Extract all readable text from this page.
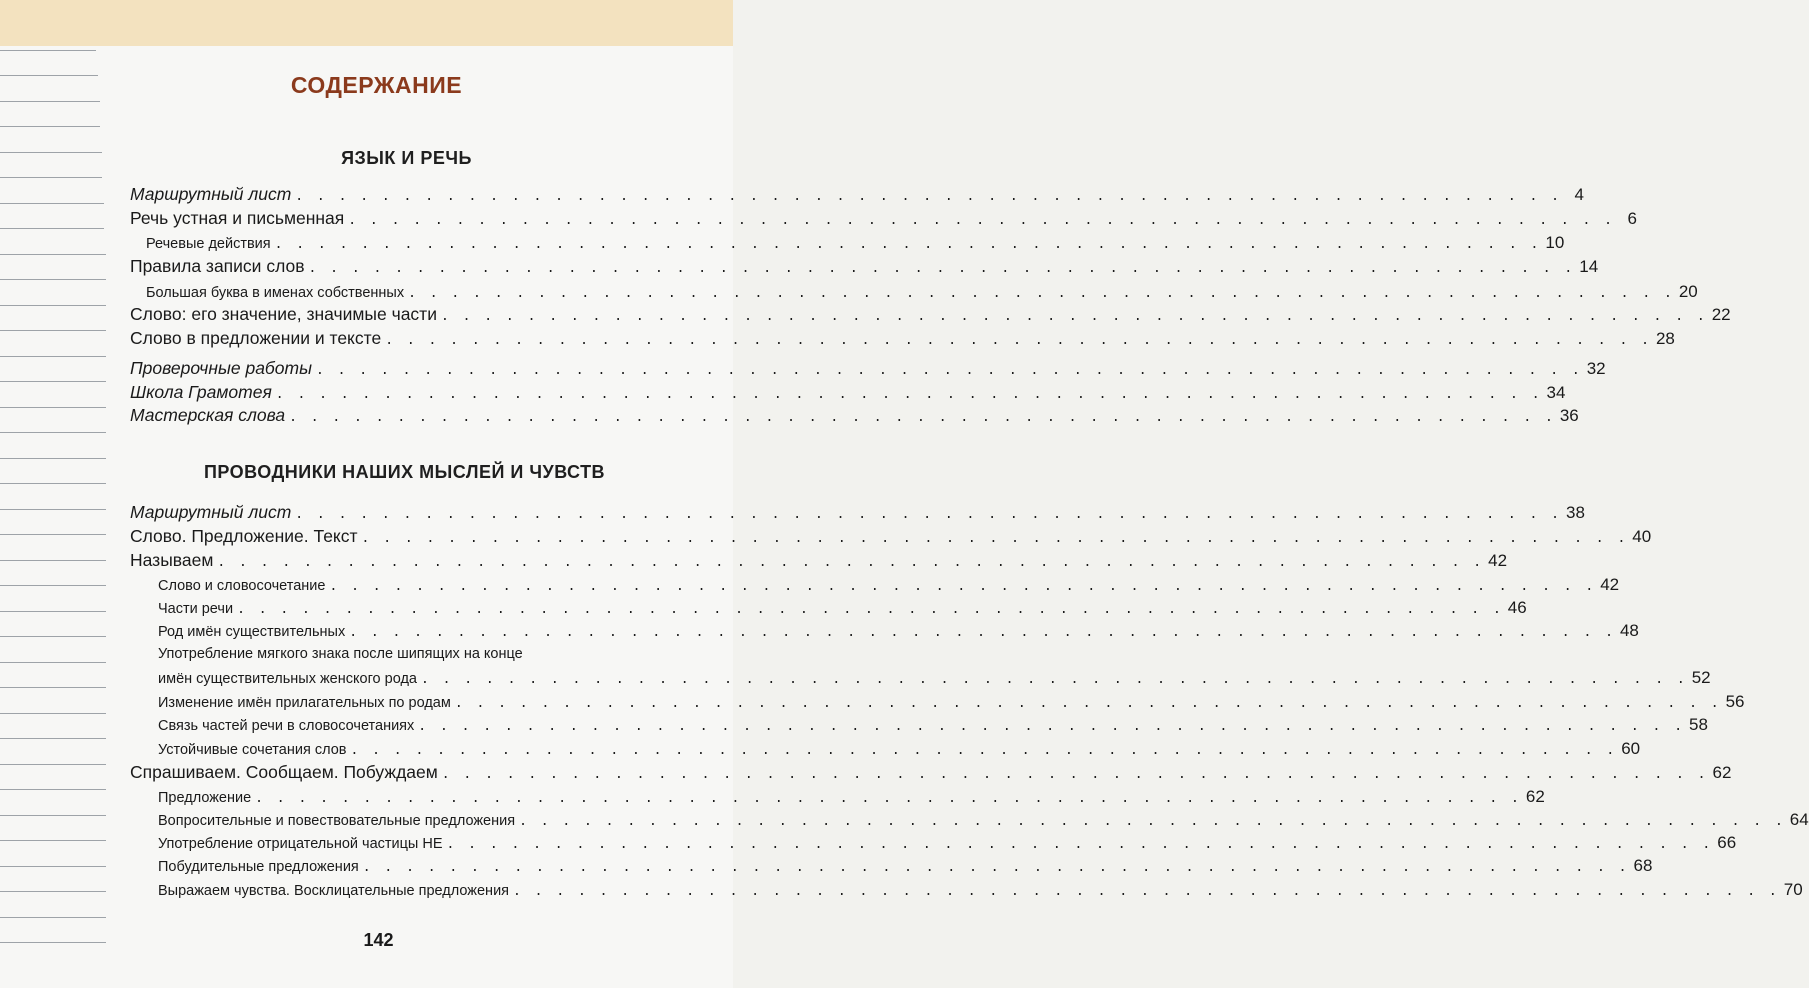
СОДЕРЖАНИЕ
ЯЗЫК И РЕЧЬ
Маршрутный лист . . . . . . . . . . . . . . . . . . . . . . . . . . . . . . . . . . . . . . . . . . . . . . . . . . . . . . . . . . . 4
Речь устная и письменная . . . . . . . . . . . . . . . . . . . . . . . . . . . . . . . . . . . . . . . . . . . . . . . . . . . . . . . . . . . 6
Речевые действия . . . . . . . . . . . . . . . . . . . . . . . . . . . . . . . . . . . . . . . . . . . . . . . . . . . . . . . . . . . 10
Правила записи слов . . . . . . . . . . . . . . . . . . . . . . . . . . . . . . . . . . . . . . . . . . . . . . . . . . . . . . . . . . . 14
Большая буква в именах собственных . . . . . . . . . . . . . . . . . . . . . . . . . . . . . . . . . . . . . . . . . . . . . . . . . . . . . . . . . . . 20
Слово: его значение, значимые части . . . . . . . . . . . . . . . . . . . . . . . . . . . . . . . . . . . . . . . . . . . . . . . . . . . . . . . . . . . 22
Слово в предложении и тексте . . . . . . . . . . . . . . . . . . . . . . . . . . . . . . . . . . . . . . . . . . . . . . . . . . . . . . . . . . . 28
Проверочные работы . . . . . . . . . . . . . . . . . . . . . . . . . . . . . . . . . . . . . . . . . . . . . . . . . . . . . . . . . . . 32
Школа Грамотея . . . . . . . . . . . . . . . . . . . . . . . . . . . . . . . . . . . . . . . . . . . . . . . . . . . . . . . . . . . 34
Мастерская слова . . . . . . . . . . . . . . . . . . . . . . . . . . . . . . . . . . . . . . . . . . . . . . . . . . . . . . . . . . . 36
ПРОВОДНИКИ НАШИХ МЫСЛЕЙ И ЧУВСТВ
Маршрутный лист . . . . . . . . . . . . . . . . . . . . . . . . . . . . . . . . . . . . . . . . . . . . . . . . . . . . . . . . . . . 38
Слово. Предложение. Текст . . . . . . . . . . . . . . . . . . . . . . . . . . . . . . . . . . . . . . . . . . . . . . . . . . . . . . . . . . . 40
Называем . . . . . . . . . . . . . . . . . . . . . . . . . . . . . . . . . . . . . . . . . . . . . . . . . . . . . . . . . . . 42
Слово и словосочетание . . . . . . . . . . . . . . . . . . . . . . . . . . . . . . . . . . . . . . . . . . . . . . . . . . . . . . . . . . . 42
Части речи . . . . . . . . . . . . . . . . . . . . . . . . . . . . . . . . . . . . . . . . . . . . . . . . . . . . . . . . . . . 46
Род имён существительных . . . . . . . . . . . . . . . . . . . . . . . . . . . . . . . . . . . . . . . . . . . . . . . . . . . . . . . . . . . 48
Употребление мягкого знака после шипящих на конце
имён существительных женского рода . . . . . . . . . . . . . . . . . . . . . . . . . . . . . . . . . . . . . . . . . . . . . . . . . . . . . . . . . . . 52
Изменение имён прилагательных по родам . . . . . . . . . . . . . . . . . . . . . . . . . . . . . . . . . . . . . . . . . . . . . . . . . . . . . . . . . . . 56
Связь частей речи в словосочетаниях . . . . . . . . . . . . . . . . . . . . . . . . . . . . . . . . . . . . . . . . . . . . . . . . . . . . . . . . . . . 58
Устойчивые сочетания слов . . . . . . . . . . . . . . . . . . . . . . . . . . . . . . . . . . . . . . . . . . . . . . . . . . . . . . . . . . . 60
Спрашиваем. Сообщаем. Побуждаем . . . . . . . . . . . . . . . . . . . . . . . . . . . . . . . . . . . . . . . . . . . . . . . . . . . . . . . . . . . 62
Предложение . . . . . . . . . . . . . . . . . . . . . . . . . . . . . . . . . . . . . . . . . . . . . . . . . . . . . . . . . . . 62
Вопросительные и повествовательные предложения . . . . . . . . . . . . . . . . . . . . . . . . . . . . . . . . . . . . . . . . . . . . . . . . . . . . . . . . . . . 64
Употребление отрицательной частицы НЕ . . . . . . . . . . . . . . . . . . . . . . . . . . . . . . . . . . . . . . . . . . . . . . . . . . . . . . . . . . . 66
Побудительные предложения . . . . . . . . . . . . . . . . . . . . . . . . . . . . . . . . . . . . . . . . . . . . . . . . . . . . . . . . . . . 68
Выражаем чувства. Восклицательные предложения . . . . . . . . . . . . . . . . . . . . . . . . . . . . . . . . . . . . . . . . . . . . . . . . . . . . . . . . . . . 70
142
